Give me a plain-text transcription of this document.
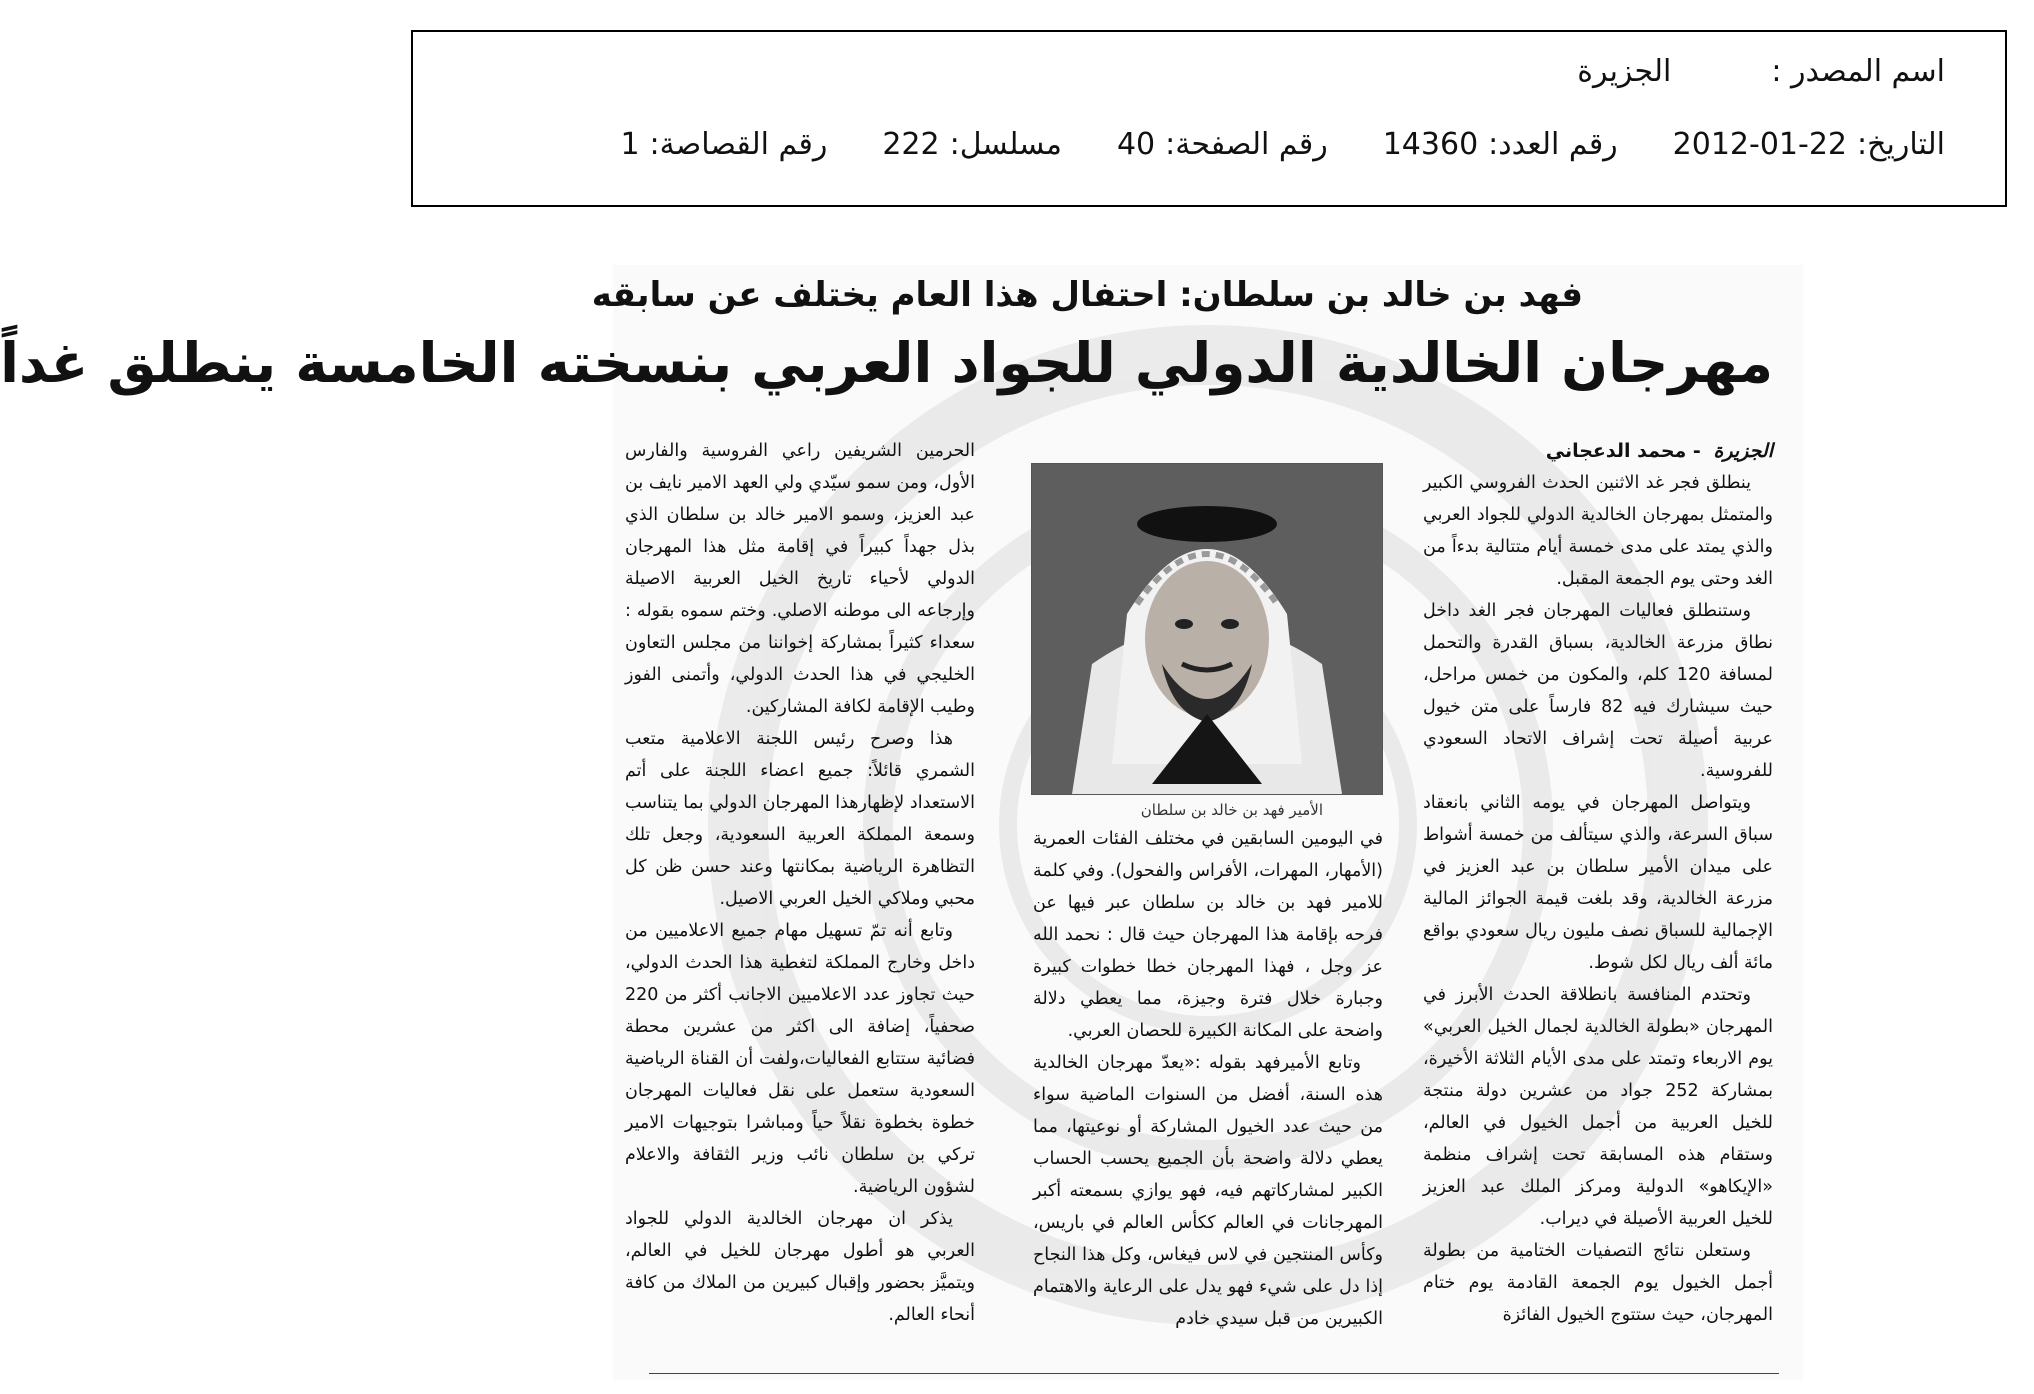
اسم المصدر :
الجزيرة
التاريخ:
2012-01-22
رقم العدد:
14360
رقم الصفحة:
40
مسلسل:
222
رقم القصاصة:
1
فهد بن خالد بن سلطان: احتفال هذا العام يختلف عن سابقه
مهرجان الخالدية الدولي للجواد العربي بنسخته الخامسة ينطلق غداً

الجزيرة - محمد الدعجاني

ينطلق فجر غد الاثنين الحدث الفروسي الكبير والمتمثل بمهرجان الخالدية الدولي للجواد العربي والذي يمتد على مدى خمسة أيام متتالية بدءاً من الغد وحتى يوم الجمعة المقبل.

وستنطلق فعاليات المهرجان فجر الغد داخل نطاق مزرعة الخالدية، بسباق القدرة والتحمل لمسافة 120 كلم، والمكون من خمس مراحل، حيث سيشارك فيه 82 فارساً على متن خيول عربية أصيلة تحت إشراف الاتحاد السعودي للفروسية.

ويتواصل المهرجان في يومه الثاني بانعقاد سباق السرعة، والذي سيتألف من خمسة أشواط على ميدان الأمير سلطان بن عبد العزيز في مزرعة الخالدية، وقد بلغت قيمة الجوائز المالية الإجمالية للسباق نصف مليون ريال سعودي بواقع مائة ألف ريال لكل شوط.

وتحتدم المنافسة بانطلاقة الحدث الأبرز في المهرجان «بطولة الخالدية لجمال الخيل العربي» يوم الاربعاء وتمتد على مدى الأيام الثلاثة الأخيرة، بمشاركة 252 جواد من عشرين دولة منتجة للخيل العربية من أجمل الخيول في العالم، وستقام هذه المسابقة تحت إشراف منظمة «الإيكاهو» الدولية ومركز الملك عبد العزيز للخيل العربية الأصيلة في ديراب.

وستعلن نتائج التصفيات الختامية من بطولة أجمل الخيول يوم الجمعة القادمة يوم ختام المهرجان، حيث ستتوج الخيول الفائزة

الأمير فهد بن خالد بن سلطان

في اليومين السابقين في مختلف الفئات العمرية (الأمهار، المهرات، الأفراس والفحول). وفي كلمة للامير فهد بن خالد بن سلطان عبر فيها عن فرحه بإقامة هذا المهرجان حيث قال : نحمد الله عز وجل ، فهذا المهرجان خطا خطوات كبيرة وجبارة خلال فترة وجيزة، مما يعطي دلالة واضحة على المكانة الكبيرة للحصان العربي.

وتابع الأميرفهد بقوله :«يعدّ مهرجان الخالدية هذه السنة، أفضل من السنوات الماضية سواء من حيث عدد الخيول المشاركة أو نوعيتها، مما يعطي دلالة واضحة بأن الجميع يحسب الحساب الكبير لمشاركاتهم فيه، فهو يوازي بسمعته أكبر المهرجانات في العالم ككأس العالم في باريس، وكأس المنتجين في لاس فيغاس، وكل هذا النجاح إذا دل على شيء فهو يدل على الرعاية والاهتمام الكبيرين من قبل سيدي خادم

الحرمين الشريفين راعي الفروسية والفارس الأول، ومن سمو سيّدي ولي العهد الامير نايف بن عبد العزيز، وسمو الامير خالد بن سلطان الذي بذل جهداً كبيراً في إقامة مثل هذا المهرجان الدولي لأحياء تاريخ الخيل العربية الاصيلة وإرجاعه الى موطنه الاصلي. وختم سموه بقوله : سعداء كثيراً بمشاركة إخواننا من مجلس التعاون الخليجي في هذا الحدث الدولي، وأتمنى الفوز وطيب الإقامة لكافة المشاركين.

هذا وصرح رئيس اللجنة الاعلامية متعب الشمري قائلاً: جميع اعضاء اللجنة على أتم الاستعداد لإظهارهذا المهرجان الدولي بما يتناسب وسمعة المملكة العربية السعودية، وجعل تلك التظاهرة الرياضية بمكانتها وعند حسن ظن كل محبي وملاكي الخيل العربي الاصيل.

وتابع أنه تمّ تسهيل مهام جميع الاعلاميين من داخل وخارج المملكة لتغطية هذا الحدث الدولي، حيث تجاوز عدد الاعلاميين الاجانب أكثر من 220 صحفياً، إضافة الى اكثر من عشرين محطة فضائية ستتابع الفعاليات،ولفت أن القناة الرياضية السعودية ستعمل على نقل فعاليات المهرجان خطوة بخطوة نقلاً حياً ومباشرا بتوجيهات الامير تركي بن سلطان نائب وزير الثقافة والاعلام لشؤون الرياضية.

يذكر ان مهرجان الخالدية الدولي للجواد العربي هو أطول مهرجان للخيل في العالم، ويتميَّز بحضور وإقبال كبيرين من الملاك من كافة أنحاء العالم.
